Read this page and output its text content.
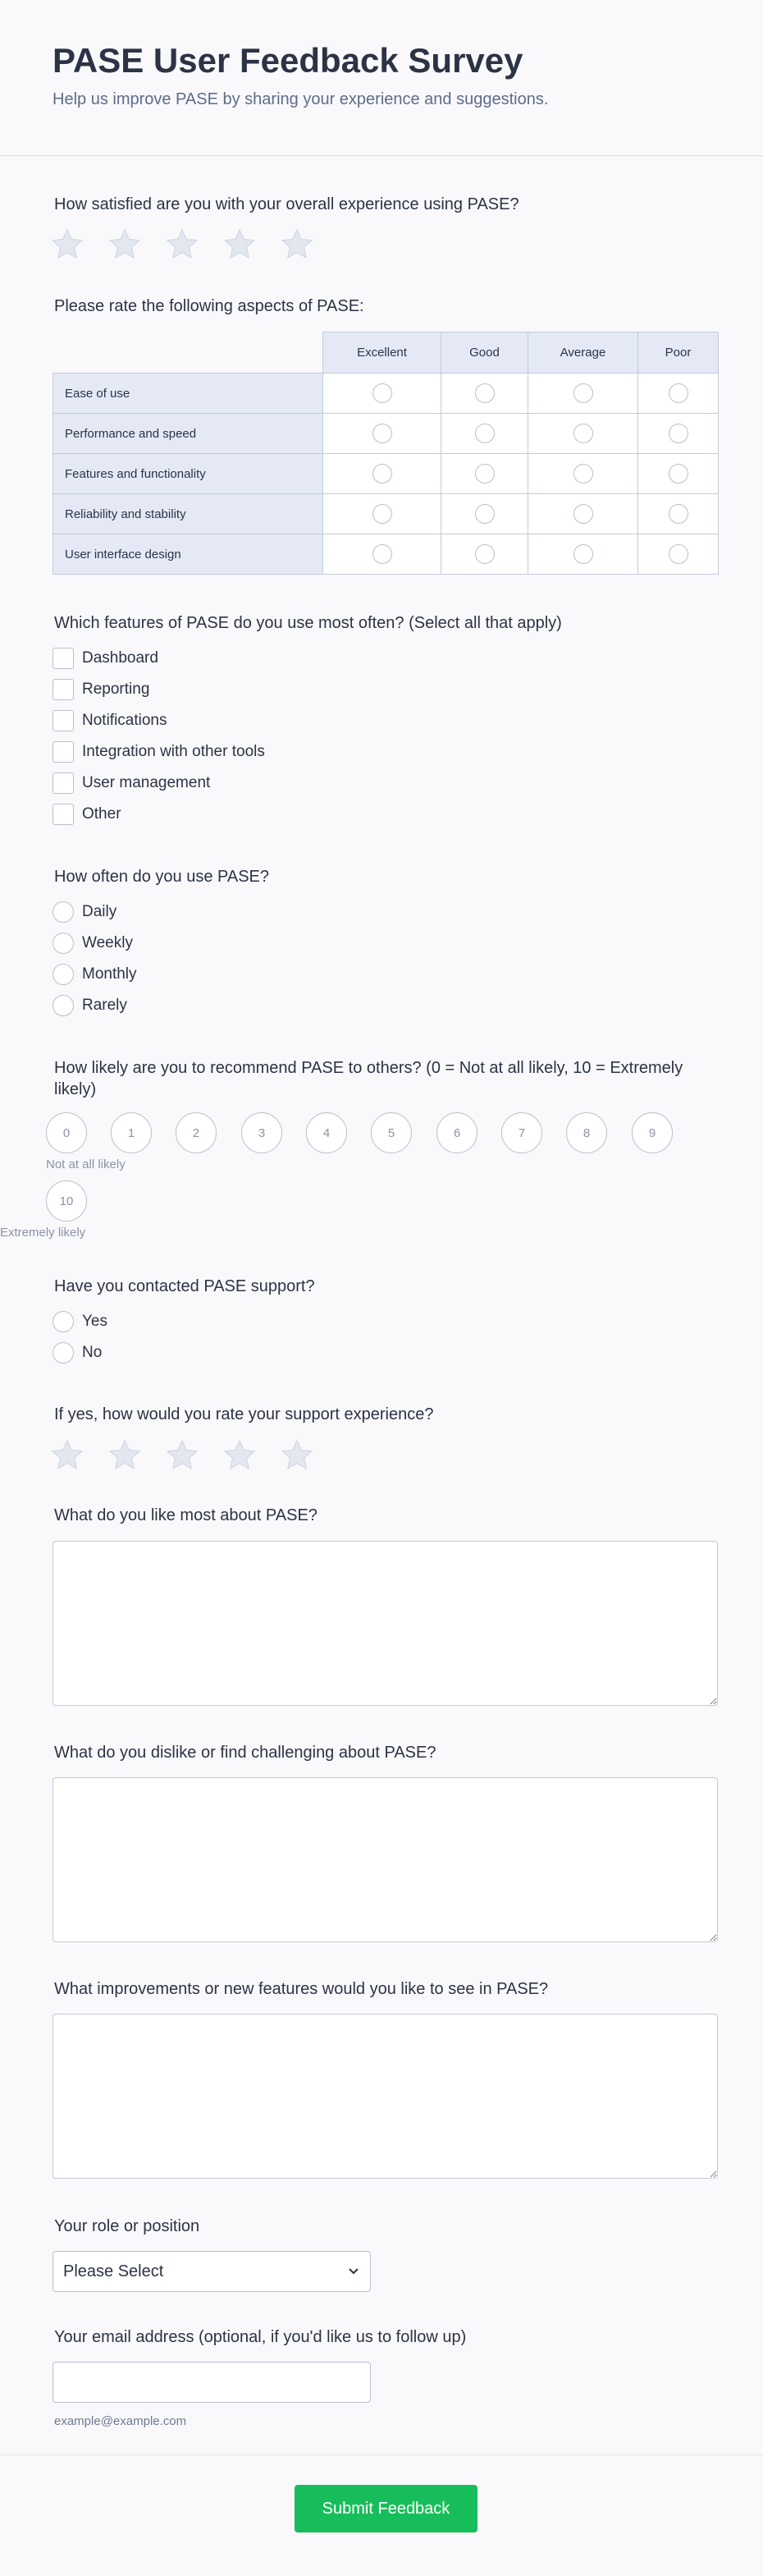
PASE User Feedback Survey
Help us improve PASE by sharing your experience and suggestions.
How satisfied are you with your overall experience using PASE?
Please rate the following aspects of PASE:
	Excellent	Good	Average	Poor
Ease of use				
Performance and speed				
Features and functionality				
Reliability and stability				
User interface design				
Which features of PASE do you use most often? (Select all that apply)
Dashboard
Reporting
Notifications
Integration with other tools
User management
Other
How often do you use PASE?
Daily
Weekly
Monthly
Rarely
How likely are you to recommend PASE to others? (0 = Not at all likely, 10 = Extremely likely)
0	1	2	3	4	5	6	7	8	9
Not at all likely
10
Extremely likely
Have you contacted PASE support?
Yes
No
If yes, how would you rate your support experience?
What do you like most about PASE?
What do you dislike or find challenging about PASE?
What improvements or new features would you like to see in PASE?
Your role or position
Please Select
Your email address (optional, if you'd like us to follow up)
example@example.com
Submit Feedback
